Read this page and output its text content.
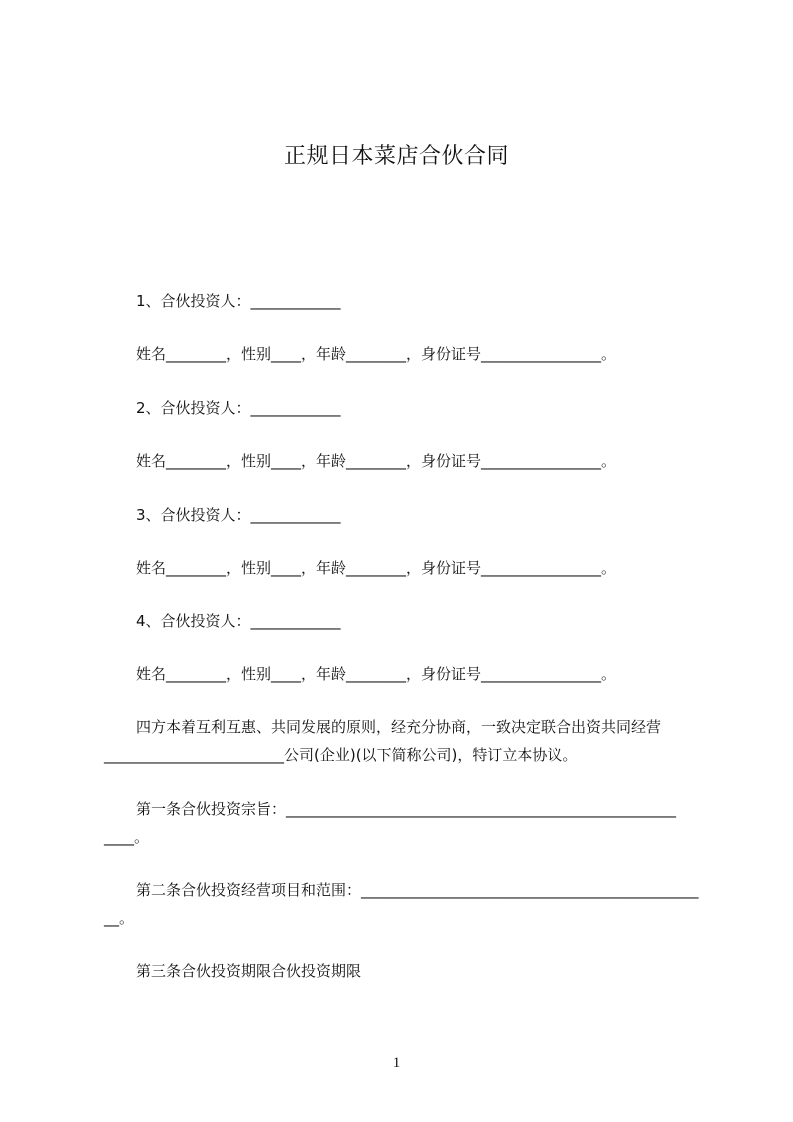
正规日本菜店合伙合同
1、合伙投资人：____________
姓名________，性别____，年龄________，身份证号________________。
2、合伙投资人：____________
姓名________，性别____，年龄________，身份证号________________。
3、合伙投资人：____________
姓名________，性别____，年龄________，身份证号________________。
4、合伙投资人：____________
姓名________，性别____，年龄________，身份证号________________。
四方本着互利互惠、共同发展的原则，经充分协商，一致决定联合出资共同经营
________________________公司(企业)(以下简称公司)，特订立本协议。
第一条合伙投资宗旨：____________________________________________________
____。
第二条合伙投资经营项目和范围：_____________________________________________
__。
第三条合伙投资期限合伙投资期限
1
